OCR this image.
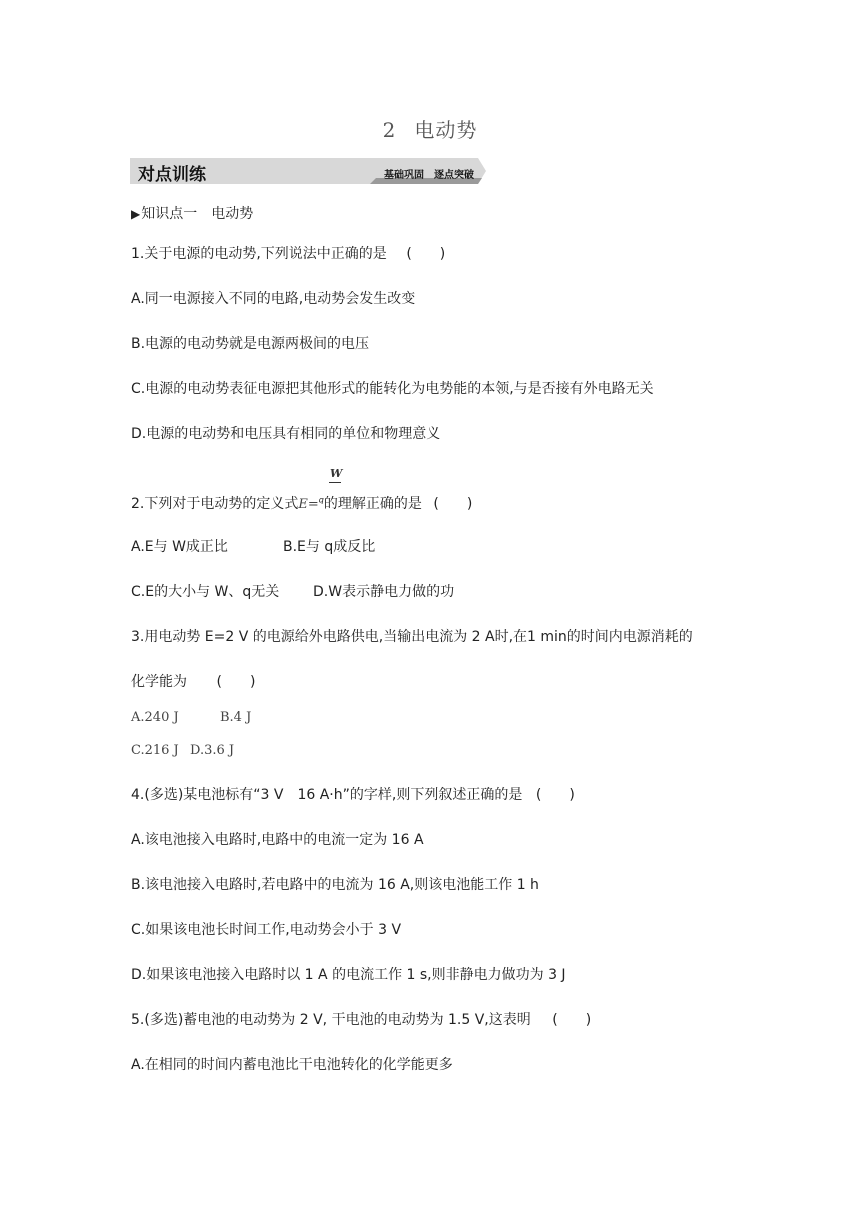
2 电动势
对点训练	基础巩固　逐点突破
▶知识点一　电动势
1.关于电源的电动势,下列说法中正确的是 (　　)
A.同一电源接入不同的电路,电动势会发生改变
B.电源的电动势就是电源两极间的电压
C.电源的电动势表征电源把其他形式的能转化为电势能的本领,与是否接有外电路无关
D.电源的电动势和电压具有相同的单位和物理意义
W
2.下列对于电动势的定义式E=$^q$的理解正确的是 (　　)
A.E与 W成正比	B.E与 q成反比
C.E的大小与 W、q无关 D.W表示静电力做的功
3.用电动势 E=2 V 的电源给外电路供电,当输出电流为 2 A时,在1 min的时间内电源消耗的
化学能为 (　　)
A.240 J	B.4 J
C.216 J D.3.6 J
4.(多选)某电池标有“3 V　16 A·h”的字样,则下列叙述正确的是 (　　)
A.该电池接入电路时,电路中的电流一定为 16 A
B.该电池接入电路时,若电路中的电流为 16 A,则该电池能工作 1 h
C.如果该电池长时间工作,电动势会小于 3 V
D.如果该电池接入电路时以 1 A 的电流工作 1 s,则非静电力做功为 3 J
5.(多选)蓄电池的电动势为 2 V, 干电池的电动势为 1.5 V,这表明 (　　)
A.在相同的时间内蓄电池比干电池转化的化学能更多
